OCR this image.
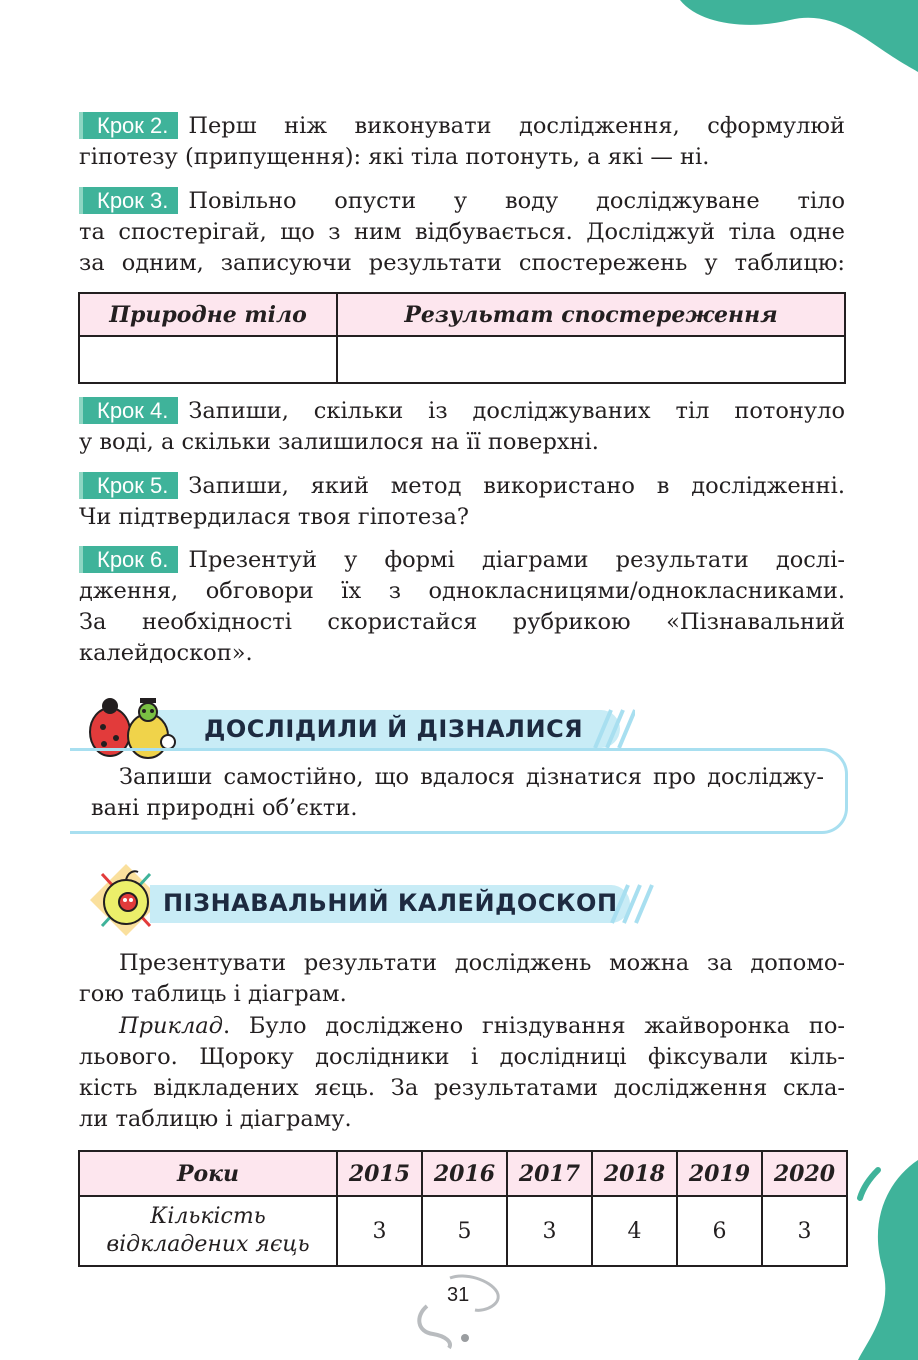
Крок 2. Перш ніж виконувати дослідження, сформулюй
гіпотезу (припущення): які тіла потонуть, а які — ні.
Крок 3. Повільно опусти у воду досліджуване тіло
та спостерігай, що з ним відбувається. Досліджуй тіла одне
за одним, записуючи результати спостережень у таблицю:
Природне тіло	Результат спостереження

Крок 4. Запиши, скільки із досліджуваних тіл потонуло
у воді, а скільки залишилося на її поверхні.
Крок 5. Запиши, який метод використано в дослідженні.
Чи підтвердилася твоя гіпотеза?
Крок 6. Презентуй у формі діаграми результати дослі-
дження, обговори їх з однокласницями/однокласниками.
За необхідності скористайся рубрикою «Пізнавальний
калейдоскоп».
ДОСЛІДИЛИ Й ДІЗНАЛИСЯ
Запиши самостійно, що вдалося дізнатися про досліджу-
вані природні об’єкти.
ПІЗНАВАЛЬНИЙ КАЛЕЙДОСКОП
Презентувати результати досліджень можна за допомо-
гою таблиць і діаграм.
Приклад. Було досліджено гніздування жайворонка по-
льового. Щороку дослідники і дослідниці фіксували кіль-
кість відкладених яєць. За результатами дослідження скла-
ли таблицю і діаграму.
Роки	2015	2016	2017	2018	2019	2020

Кількість
відкладених яєць	3	5	3	4	6	3
31
